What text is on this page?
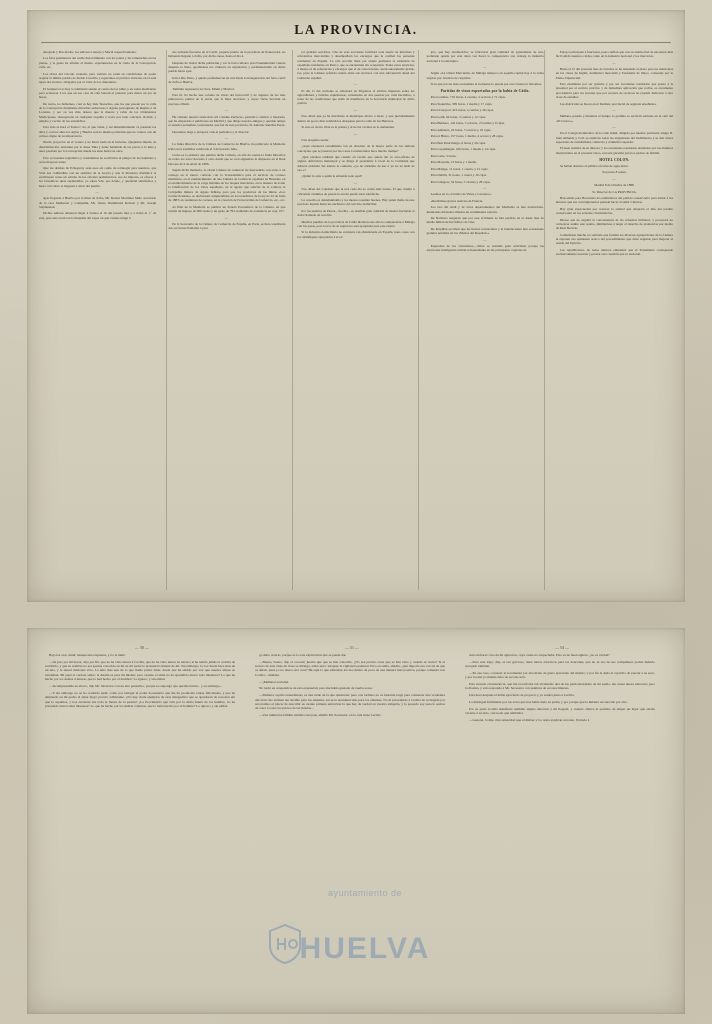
LA PROVINCIA.

Abogado y Procurador, los señores Consejo y Maciá respectivamente.

Los fríos prematuros del otoño han terminado con los panes y las remolachas en las plazas, y la gente ha afluido al monte, esperanzados en la caída de la Concepcion, calle, etc.

Los obros del Círculo avanzan, pero todavía no están en condiciones de poder aceptar la última partida de molde á trecillo y esperamos el práctico invierno en el aula tapes del alcance, abrigados por el valor de los dinerantes.

El Guipuzcoí es hoy á continuará siendo el centro de los niños y en salon inexhausto para acatuacer á los que en esa casa de café buscan el pretexto para matar un par de horas.

De teatro, no hablemos, cual es hoy más Teatorilos, que los que pasean por la calle de la Concepción duramente mirachas seductoras á alguna parroquiana de Regino ó de Lorenzo, y por su vea más deseos que la muerte y rabia de los Ordenanzas Municipales, desesperada en cualquier esquina á acera por todo concejal, alcalde, y empleo y vecino de los autodichos.

Esta sólo se hará el Teatro?, nó, el que viene, y así inmediatamente va pasando los años y con los años los siglos y Huelva será la misma población que no conoce con un coliseo digno de su importancia.

Nuedo proyector en el verano y no hacer nada en el invierno. Quejamos mucho de discriminación, declamar por la diosa Talía y nada; habiéndo de las parras ó la luna y unos pasaban por la Concepción donde los siete hasta las once.

Esto es bastante legislativo y contribuírse no escribirlos al peligro de los leemidos y otros mayores antes.

Que los dramas de Echegaray sean esos así como de tetralogía para nuestros, que Vian sea confundido con un semitice de la Gracia y que la literatura dramática la escribiesen como un adorno de los oficales prehistóricos, eso no importa, es ofrecer á los farsantices unas espléndidas, ya sabes Vds, por dónde, y quedarán satisfechos y hasta con cobro si llegasen á obrar del pueblo.

—

Ayer llegaron á Huelva por la línea de Zafra, Mr. Robert Mortimer Meir, secretario de la casa Matheson y Compañía, Mr. James Drummond Robson y Mr. Joseph Stephenson.

Dichos señores debieron llegar á Lisboa el 10 del pasado mes y á Zafra al 1.º de este, pero una avería en la máquina del vapor en que venían obligó á

sus arribada fueronsa en el Carril, paquete puerto de la provincia de Pontevedra, no habiendo llegado á Zafra, por dicha causa, hasta el día 4.

Después de visitar dicha población y ver la feria calleara para Fuenteheridos viendo después la línea, operándose los cantores en explotarlos y permaneciendo en dicho pueblo hasta ayer.

Irán á Río Tinto, y quizás permanezcan en esta hasta la inauguración del ferro-carril de Zafra á Huelva.

También regresaron los Sres. Mium y Maybol.

Esta fó, ha hecho una colonia de vistas del ferrocarril y de algunos de los más pintorescos puntos de la sierra que la línea atraviesa, y cuyas vistas llevarán un precioso álbum.

—

Ha visitado nuestra redacción «El Cantino Perfecto» periódico católico é ilustrado, que ha empezado á publicarse en Madrid y que dirige nuestro antiguo y querido amigo el senador periodista, Gobernador que fué de esta provincia, D. Antonio Sanchez Perez.

Deseamos larga y próspera vida al periódico y al director.

—

La Junta Directiva de la Cámara de Comercio de Huelva, ha publicado la Memoria leída en la asamblea celebrada el 3 del pasado Julio.

Como es la primera que publica dicha Cámara, en ella da cuenta la Junta Directiva de todos los actos llevados á cabo desde que se creó siguiendo la dispuesto en el Real Decreto de 9 de Abril de 1886.

Según dicha memoria, la citada Cámara de comercio ha intervenido con exito ó un consejo en el nuevo contrato con la Transatlántica para el servicio de correos marítimos, en el establecimiento de una Cámara de Comercio española en Bruselas, en el establecimiento de la carga máxima de los buques mercantes, en la manera de evitar la falsificación de los vinos españoles, en el ageste que solicitó de la Cámara la Compañía minera de Aguas Teñidas para que los productos de las minas «Los Confeccionistas» se declarasen comprendidos en los beneficios de la ley de 22 de Julio de 1883; en reuniones de correos, en la creación de Ferrocarriles de Comercio, etc., etc.

Al final de la Memoria se publicó un Estado Económico de la Cámara, en que resulta un ingreso de 900 reales y un gasto de 793, habiendo de existencia en caja, 107.

—

En la Secretaría de la Cámara de Comercio de España, en París, se han constituido dos secciones llamadas á pres

tar grandes servicios. Una de esas secciones facilitará toda suerte de informes y referencias mercantiles y desempeñará los encargos que le confíen los personas residentes en España. La otra sección tiene por objeto gestionar la extensión de españoles residentes en París y que se encuentren sin ocupación. Todos estos servicios, á menos el de referencias y encargos que el de colocaciones, serán enteramente gratuitos, pues la Cámara referida cuenta entre sus recursos con una subvención anual del Gobierno español.

—

El día 11 del corriente se subastará en Trigueros el arbitrio impuesto sobre los aguardientes y bebidas espirituosas, consistente en dos pesetas por cada hectólitro, á tenor de las condiciones que están de manifiesto en la Secretaría municipal de dicho pueblo.

—

Nos dicen que ya ha marchado el municipio álcaro á Jerez, y que probablemente dentro de pocos días vendrán los alsaqueos para la calle de los Herreros.

Si esto es cierto, libre es la prensa y al no las vecinos se lo demanden.

—

Una pregunta suelta.

¿Aquí obedeced retraimiento tan en absoluto de la mayor parte de los señores concejales que se pasaron por las Casas Consistoriales hace mucho tiempo?

¿Qué obedece también que cuando en vecino que quiere dar ve acta-eficiso de alguna deficiencia municipal y se dirige al presidente á vocal de la Comisión que debiera entender del asunto le contesta, «yo no entiendo de eso ó yó no sé nada de eso.»?

¿Quién le sabe ó quién le entiende todo aquí?

—

Nos dicen del Condado que la uva cada día se cotiza más barata. El que vendió á cincuenta céntimos de peseta la arroba puede estar satisfecho.

La cosecha es abundantísima y los mostos resultan buenos. Hay quien llama de este precioso líquido hasta los enchorros del servicio domiciliar.

Por los pueblos de Paterá—Sevilla—se destilan gran cantidad de mostos haciendo el dulce llamado de resolvís.

Muchos pueblos de la provincia de Cádiz hiciéron este año la competencia á Málaga con las pasas, pero la uva de su región no está apropiada para este objeto.

Si la industria domiciliaria no estuviera tan abandonada en España, pues cosas con los alambiques apropiados á el ob

jeto, que hay establecidos; se fabricaría gran cantidad de aguardiente de uva, podiendo quizás por esta díara vez hacer la competencia con ventaja la industria nacional á la extranjera.

—

Según «La Union Mercantil» de Málaga tampoco en aquella capital hay á la venta tarjetas por. licencia de carpintas.

Si lo que por un lado economiza el Gobierno lo pierde por otro: bueno lo llevamos.

Partidas de vinos exportadas por la bahía de Cádiz.

Para Lonbres, 716 botas, 4 cuartas, 2 octavas y 71 cajas.

Para Stokolmo, 309 botas, 1 media y 17 cajas.

Para Liverpool, 416 botas, 4 cuartas y 49 cajas.

Para Leith, 94 botas, 5 cuartas y 12 cajas.

Para Burdeos, 142 botas, 7 octavas, 2 barriles y 9 cajas.

Para Amberes, 22 botas, 7 octavas y 10 cajas.

Para el Havre, 157 botas, 1 media, 4 octava y 28 cajas.

Para Bon Petersburgo, 6 botas y 26 cajas.

Para Copenhague, 106 botas, 1 media y 14 cajas.

Para Cette, 5 botas.

Para Marsella, 13 botas y 1 media.

Para Málaga, 11 botas, 1 cuarta, y 21 cajas.

Para Dublín, 31 botas, 1 cuarta y 10 cajas.

Para Glasgow, 34 botas, 5 cuartas y 28 cajas.

—

Leemos en la «Crónica de Vinos y Cereales:»

«Recibimos graves noticias de Francia.

Los ríos del Audi y de otros departamentos del Mediodía se han desbordado, inundando dilatados viñedos no ventimiados todavía.

De Narbona aseguran que por este accidente se han perdido en el Aude mas de medio millón de hectólitros de vino.

De Perpiñan escriben que las lluvias torrenciales y la inundaciones han ocasionado grandes pérdidas en los viñedos del Roselton.»

—

Esperanza de los viticultores.—Entre se reanuda gran actividad, porque las estaciones inteligentes envían recientemente en las principales capitales de

Europa principian á funcionar, pues confían que con su auxilio han de encontrar más fácil salida nuestros caldos, tanto en la industria nacional y los mercados.

—

Hasta el 15 del presente mes de Octubre se ha ampliado el plazo para las matrículas en las clases de Inglés, Aritmética mercantil y Teneduría de libros, costeadas por la Exma. Diputación.

Esta enseñanza por ser gratuita y por ser excelentes resultados que presta á la juventud por el estricto práctico y de inmediata aplicación que recibe, es encumenta procedencia para los jóvenes que por escasez de recursos no pueden dedicarse á otra clase de estudios.

Las matrículas se hacen en el Instituto provincial de segunda enseñanza.

—

Mañana, pasado y mientras el tiempo lo permita se servirán sorbetes en el café del «El Correo.»

—

En el Colegio Politécnico de la calle Odiel, dirigido por nuestro particular amigo D. Juan Almeida y Coll, se explican todas las asignaturas del bachillerato y se dan clases especiales de contabilidad, comercio y aritmética superior.

El buen nombre de su director y los excelentes resultados obtenidos por tos alumnos matriculados en el presente curso, son una garantía para los padres de familia.

HOTEL COLON.

Se hallan abiertos al público en latas de agua dulce.

Su precio 8 reales.

—

Madrid 8 de Octubre de 1888.

Sr. Director de LA PROVINCIA.

Han salido para Barcelona los exministros del partido conservador para asistir á los honores que sus correligionarios piensan hacer al señor Cánovas.

Hay gran expectación por conocer la actitud que adoptará el Jefe del partido conservador en los actuales circunstancias.

Dícese que no seguirá la conveniencia de las reformas militares, y procurará no convencer aunho este asunto, limitándose á negar el derecho de plantearlas por medio de Real Decreto.

Comiénzase mucho el contraste que forman los diversos agrupaciones de la Cámara al exponer sus opiniones acerca del procedimiento que debe seguirse para mejorar el estado del Ejército.

Los republicanos, de todos matices entienden que el Parlamento corresponde exclusivamente resolver y prestar esta cuestión que es nacional.

— 50 —

Bajo las oíos, dudé, busque una respuesta, y no la hallé.

—Os juro por mi honor, dijo por fin, que no he visto nunca á Cecilia, que no he visto nunca su retrato; sí he tenido jamás la codicia de escribirla, y que su nombre no era apenas conocido en mí de mí padre le pronunció delante de mí. Sin embargo, la voz desde hace mas de un año, y la nuncé misiones viva. La amo mas aun de lo que mudo pudor amar, desde que he sabido por voz que nuestra alzase se extendían. Mi papá la verdad, señor; la detalle es para mí mismo; pero cuando el alma no ha aprendido nunca todo misterios? Lo que ha hecho por los demas criaturas, que lo had hecho por el hombre? Lo ignoro; y sin embar

—Incomprensible en efecto, dijo Mr. Sáversior con un aire pensativo, porque no supongo que queráis burlar... y en embargo...

—Y sin embargo no se ha ocultado nada: como por tentajar el poder documento que me ha producido tantas felicidades, y que he empleado en mi pecho el amor mayo pronto: adiviname. ¿No hay cierta ejemplos de esas sinuppática que se apardoran de nosotros sin que lo sepamos, y nos arrastran sus toda la fuerza de la pasión? ¿La Providencia que vela por la dicha futura de los humbre, no ha prevenido nunca tales misiones? Lo que ha hecho por los demas criaturas, que lo habrá hecho por el hombre? Lo ignoro; y sin embar

— 51 —

go debo creerlo, porque es la sola explicación que se puede dar.

—Bueno, bueno, dijo el coronel; juraría que que se han conocido. ¿No sea preciso creer que se han visto y cuando es cierto? Si el secreto de esta clase de clase se divulgó, adios puro: adopese la vigilancia paternal. Pero en suma, añadió, ¿qué importa eso con tal de que os amais, pues yo no deseo otra cosa? Hé aquí lo que sabremos los dos dentro de poco de una manera mas positiva, porque comenzó con Cecilia... mañana.

—¡Mañana! exclamé.

No tardó en arrepentirse de esta expansión; pero me había gustado de vuelta acaso.

—Mañana; repitió entendiendo, es una tarde de la que quisierais: pero con tachnos no es bastante larga para comenzar una verdadera afección: me animan tan terrible para los amantes, así se te eternidad sino para los amantes. No di prevennido á Cecilia de tu llegada por recorramos el placer de describir en cuanto primera entrevista lo que hay de verdad en vuestra simpatía, y lo aprendo soy para lo somos de creer á todos los juicios de las tiendas...

—Una numerosa familia cubilava del país, añadió Mr. Sevessior, en la cual tiene Cecilia

— 54 —

asió sin hacer caso de mi agitación, cuya causa no sospechaba. Esto es de buen agüero, ¿no es verdad?

—Pero este traje; dije, es tan gracioso, tiene tantos atractivos para las doncellas, que no sé eso de sus compañeras podría haberlo escogido también.

—En ese caso, coronelí, la recomenzó por una mano de gusto apreciado del mundo; y por fin la dada el capricho de preciar á su seco, y por la etad yo misma debo de reconocerla.

Esta escuela circunstancia, que me reconforba tan vivamente una de las particularidades de mi sueño, me causó nueva emoción; pero la diosinó, y sólo responda á Mr. Sevessior con palabras de reconocimiento.

Una hora después el habla ejercitado su proyecto y yo estaba junto á Cecilia.

La distingué fácilmente por los actos que nos había dado su padre, y por porque que la hubiera reconocido por ello.

Por su parte Cecilia manifestó también alguna emoción y mi llegada, y cuando obtuve el permiso de empar un lugar que estaba vacante á su lado, creí notar que temblaba.

—General, la dije, mas temeridad que el disfraz y la careta explican un tanto. Entrado á

ayuntamiento de
HUELVA
